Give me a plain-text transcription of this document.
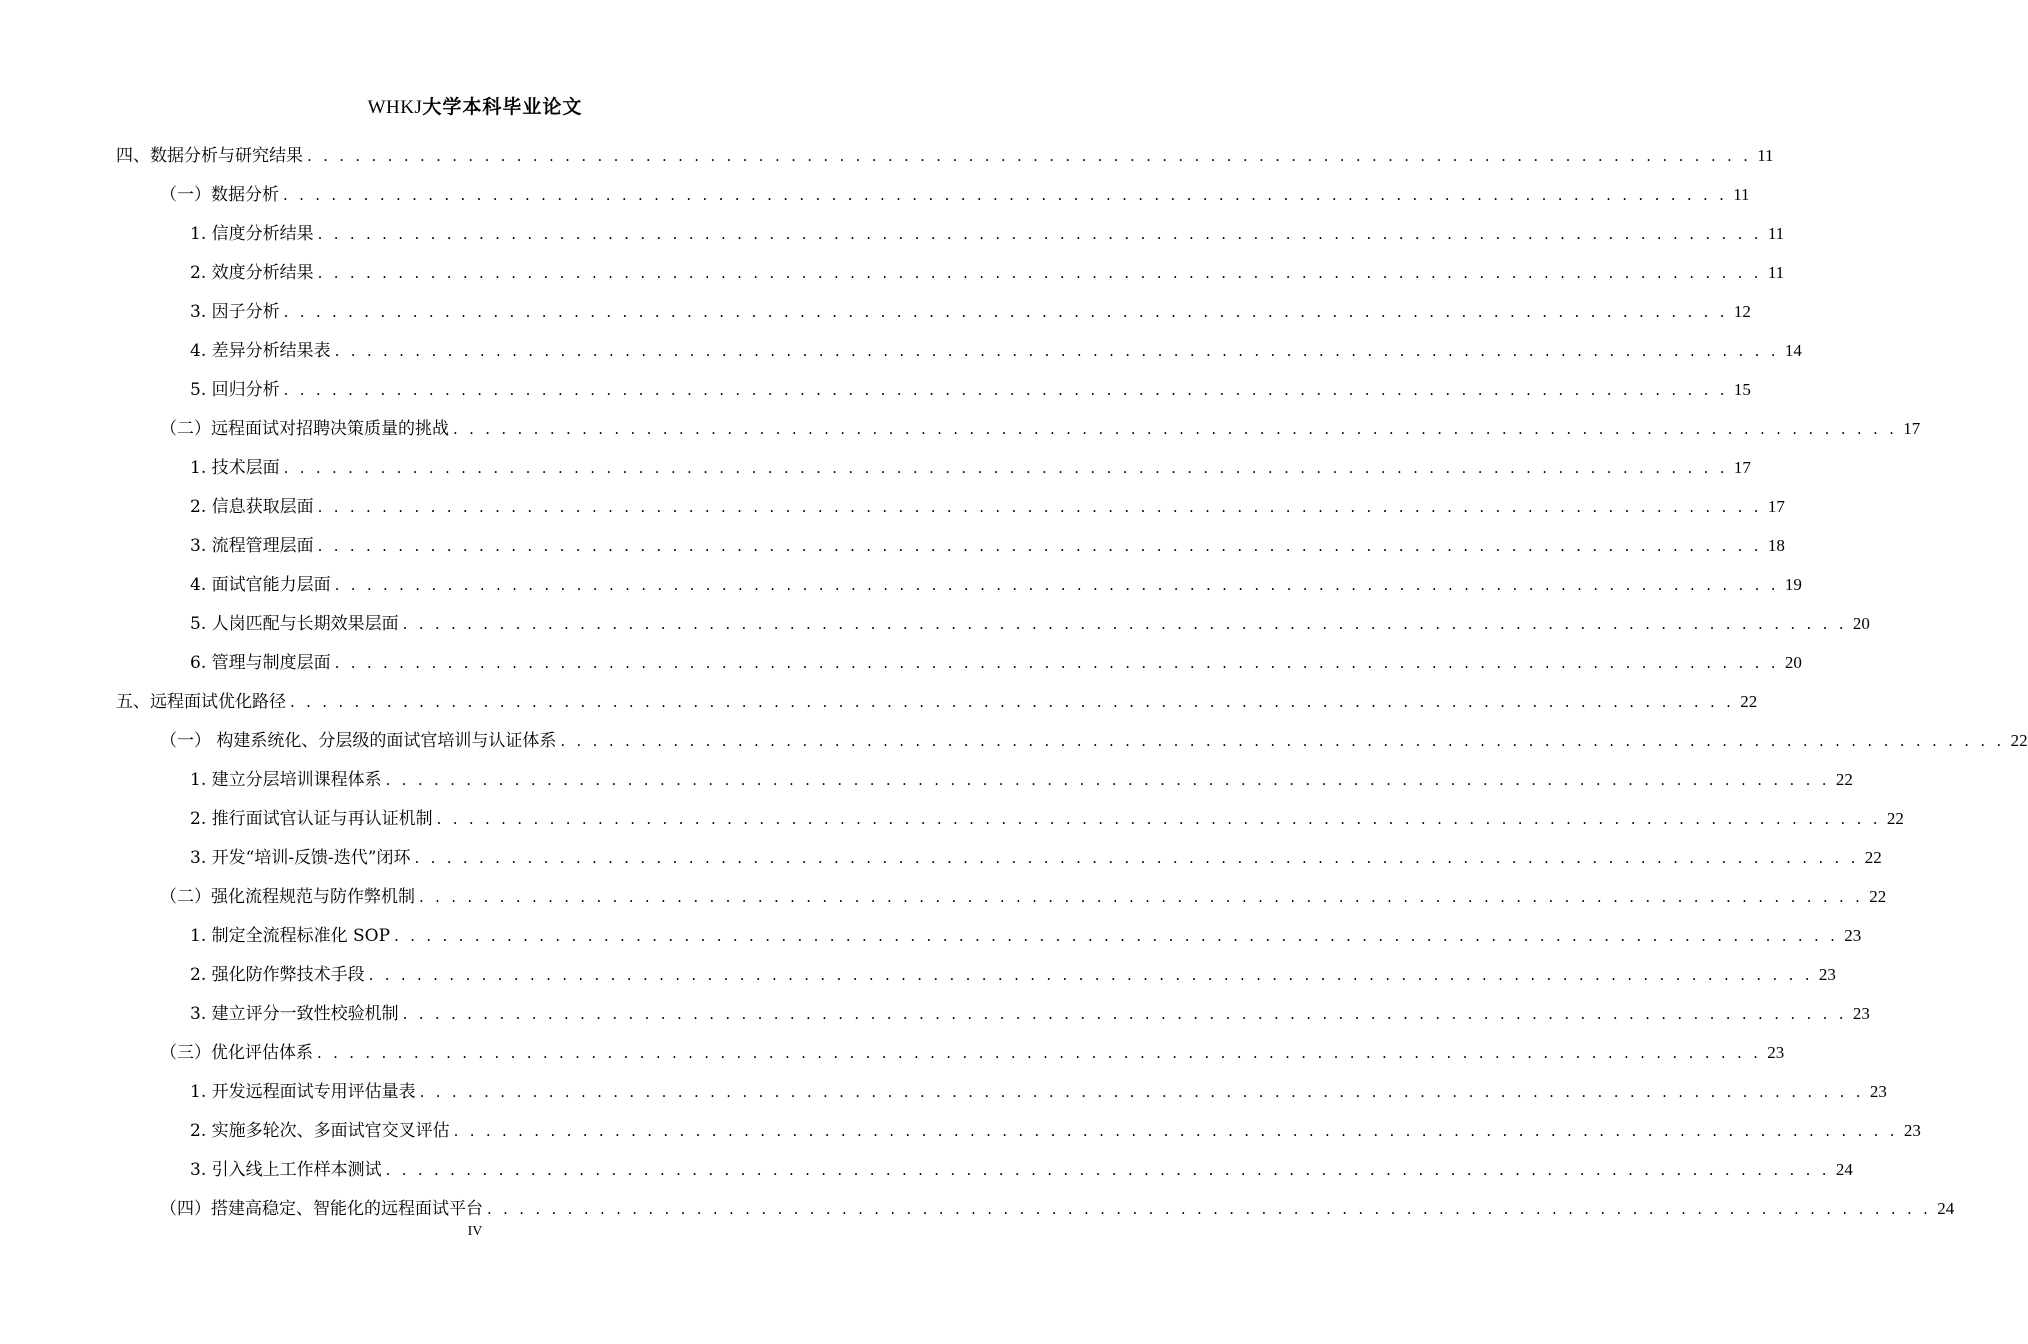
WHKJ大学本科毕业论文
四、数据分析与研究结果 . . . . . . . . . . . . . . . . . . . . . . . . . . . . . . . . . . . . . . . . . . . . . . . . . . . . . . . . . . . . . . . . . . . . . . . . . . . . . . . . . . . . . . . . . . 11
（一）数据分析 . . . . . . . . . . . . . . . . . . . . . . . . . . . . . . . . . . . . . . . . . . . . . . . . . . . . . . . . . . . . . . . . . . . . . . . . . . . . . . . . . . . . . . . . . . 11
1. 信度分析结果 . . . . . . . . . . . . . . . . . . . . . . . . . . . . . . . . . . . . . . . . . . . . . . . . . . . . . . . . . . . . . . . . . . . . . . . . . . . . . . . . . . . . . . . . . . 11
2. 效度分析结果 . . . . . . . . . . . . . . . . . . . . . . . . . . . . . . . . . . . . . . . . . . . . . . . . . . . . . . . . . . . . . . . . . . . . . . . . . . . . . . . . . . . . . . . . . . 11
3. 因子分析 . . . . . . . . . . . . . . . . . . . . . . . . . . . . . . . . . . . . . . . . . . . . . . . . . . . . . . . . . . . . . . . . . . . . . . . . . . . . . . . . . . . . . . . . . . 12
4. 差异分析结果表 . . . . . . . . . . . . . . . . . . . . . . . . . . . . . . . . . . . . . . . . . . . . . . . . . . . . . . . . . . . . . . . . . . . . . . . . . . . . . . . . . . . . . . . . . . 14
5. 回归分析 . . . . . . . . . . . . . . . . . . . . . . . . . . . . . . . . . . . . . . . . . . . . . . . . . . . . . . . . . . . . . . . . . . . . . . . . . . . . . . . . . . . . . . . . . . 15
（二）远程面试对招聘决策质量的挑战 . . . . . . . . . . . . . . . . . . . . . . . . . . . . . . . . . . . . . . . . . . . . . . . . . . . . . . . . . . . . . . . . . . . . . . . . . . . . . . . . . . . . . . . . . . 17
1. 技术层面 . . . . . . . . . . . . . . . . . . . . . . . . . . . . . . . . . . . . . . . . . . . . . . . . . . . . . . . . . . . . . . . . . . . . . . . . . . . . . . . . . . . . . . . . . . 17
2. 信息获取层面 . . . . . . . . . . . . . . . . . . . . . . . . . . . . . . . . . . . . . . . . . . . . . . . . . . . . . . . . . . . . . . . . . . . . . . . . . . . . . . . . . . . . . . . . . . 17
3. 流程管理层面 . . . . . . . . . . . . . . . . . . . . . . . . . . . . . . . . . . . . . . . . . . . . . . . . . . . . . . . . . . . . . . . . . . . . . . . . . . . . . . . . . . . . . . . . . . 18
4. 面试官能力层面 . . . . . . . . . . . . . . . . . . . . . . . . . . . . . . . . . . . . . . . . . . . . . . . . . . . . . . . . . . . . . . . . . . . . . . . . . . . . . . . . . . . . . . . . . . 19
5. 人岗匹配与长期效果层面 . . . . . . . . . . . . . . . . . . . . . . . . . . . . . . . . . . . . . . . . . . . . . . . . . . . . . . . . . . . . . . . . . . . . . . . . . . . . . . . . . . . . . . . . . . 20
6. 管理与制度层面 . . . . . . . . . . . . . . . . . . . . . . . . . . . . . . . . . . . . . . . . . . . . . . . . . . . . . . . . . . . . . . . . . . . . . . . . . . . . . . . . . . . . . . . . . . 20
五、远程面试优化路径 . . . . . . . . . . . . . . . . . . . . . . . . . . . . . . . . . . . . . . . . . . . . . . . . . . . . . . . . . . . . . . . . . . . . . . . . . . . . . . . . . . . . . . . . . . 22
（一） 构建系统化、分层级的面试官培训与认证体系 . . . . . . . . . . . . . . . . . . . . . . . . . . . . . . . . . . . . . . . . . . . . . . . . . . . . . . . . . . . . . . . . . . . . . . . . . . . . . . . . . . . . . . . . . . 22
1. 建立分层培训课程体系 . . . . . . . . . . . . . . . . . . . . . . . . . . . . . . . . . . . . . . . . . . . . . . . . . . . . . . . . . . . . . . . . . . . . . . . . . . . . . . . . . . . . . . . . . . 22
2. 推行面试官认证与再认证机制 . . . . . . . . . . . . . . . . . . . . . . . . . . . . . . . . . . . . . . . . . . . . . . . . . . . . . . . . . . . . . . . . . . . . . . . . . . . . . . . . . . . . . . . . . . 22
3. 开发“培训-反馈-迭代”闭环 . . . . . . . . . . . . . . . . . . . . . . . . . . . . . . . . . . . . . . . . . . . . . . . . . . . . . . . . . . . . . . . . . . . . . . . . . . . . . . . . . . . . . . . . . . 22
（二）强化流程规范与防作弊机制 . . . . . . . . . . . . . . . . . . . . . . . . . . . . . . . . . . . . . . . . . . . . . . . . . . . . . . . . . . . . . . . . . . . . . . . . . . . . . . . . . . . . . . . . . . 22
1. 制定全流程标准化 SOP . . . . . . . . . . . . . . . . . . . . . . . . . . . . . . . . . . . . . . . . . . . . . . . . . . . . . . . . . . . . . . . . . . . . . . . . . . . . . . . . . . . . . . . . . . 23
2. 强化防作弊技术手段 . . . . . . . . . . . . . . . . . . . . . . . . . . . . . . . . . . . . . . . . . . . . . . . . . . . . . . . . . . . . . . . . . . . . . . . . . . . . . . . . . . . . . . . . . . 23
3. 建立评分一致性校验机制 . . . . . . . . . . . . . . . . . . . . . . . . . . . . . . . . . . . . . . . . . . . . . . . . . . . . . . . . . . . . . . . . . . . . . . . . . . . . . . . . . . . . . . . . . . 23
（三）优化评估体系 . . . . . . . . . . . . . . . . . . . . . . . . . . . . . . . . . . . . . . . . . . . . . . . . . . . . . . . . . . . . . . . . . . . . . . . . . . . . . . . . . . . . . . . . . . 23
1. 开发远程面试专用评估量表 . . . . . . . . . . . . . . . . . . . . . . . . . . . . . . . . . . . . . . . . . . . . . . . . . . . . . . . . . . . . . . . . . . . . . . . . . . . . . . . . . . . . . . . . . . 23
2. 实施多轮次、多面试官交叉评估 . . . . . . . . . . . . . . . . . . . . . . . . . . . . . . . . . . . . . . . . . . . . . . . . . . . . . . . . . . . . . . . . . . . . . . . . . . . . . . . . . . . . . . . . . . 23
3. 引入线上工作样本测试 . . . . . . . . . . . . . . . . . . . . . . . . . . . . . . . . . . . . . . . . . . . . . . . . . . . . . . . . . . . . . . . . . . . . . . . . . . . . . . . . . . . . . . . . . . 24
（四）搭建高稳定、智能化的远程面试平台 . . . . . . . . . . . . . . . . . . . . . . . . . . . . . . . . . . . . . . . . . . . . . . . . . . . . . . . . . . . . . . . . . . . . . . . . . . . . . . . . . . . . . . . . . . 24
IV
